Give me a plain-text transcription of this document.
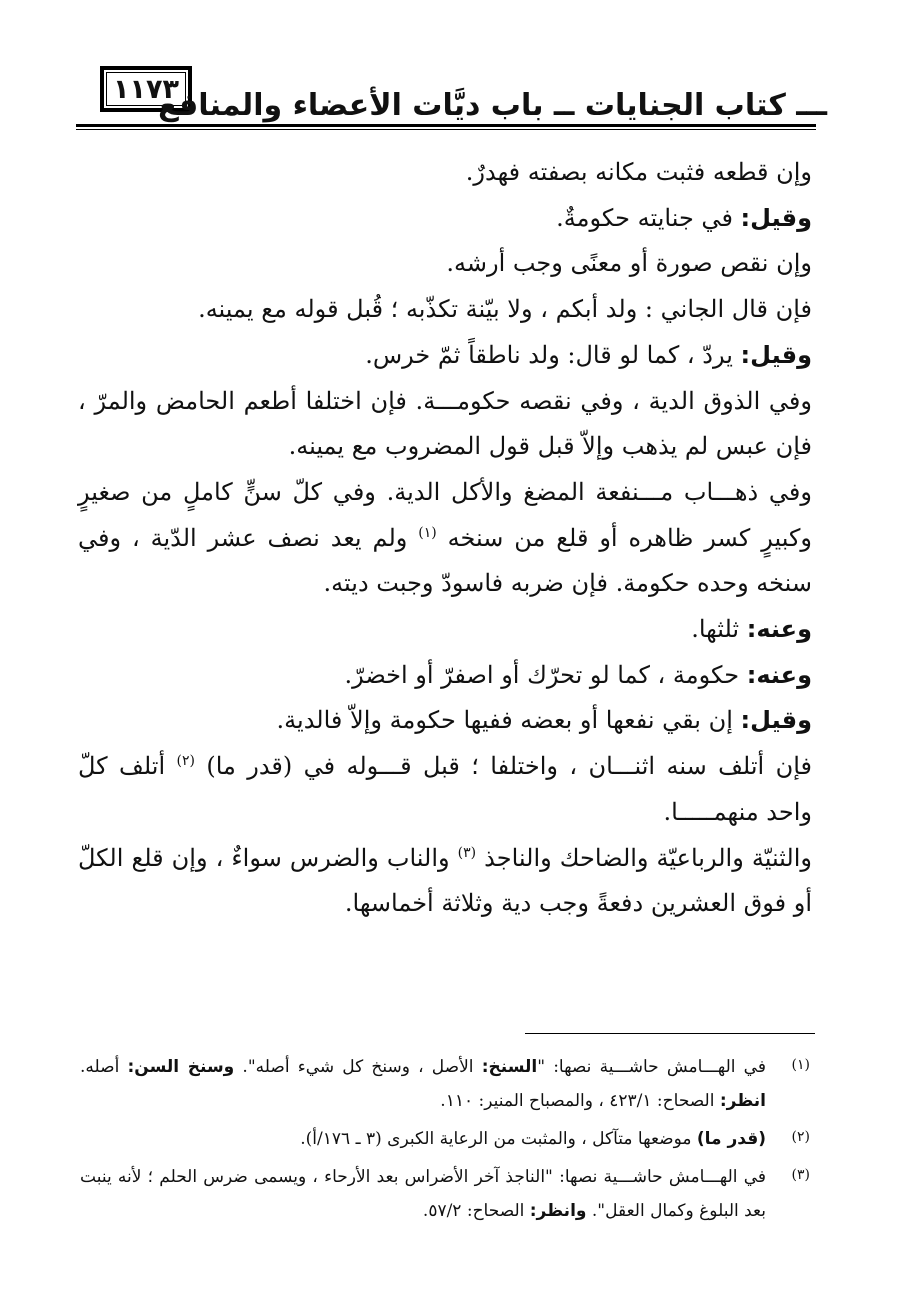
١١٧٣
ـــ كتاب الجنايات ــ باب ديَّات الأعضاء والمنافع

وإن قطعه فثبت مكانه بصفته فهدرٌ.

وقيل: في جنايته حكومةٌ.

وإن نقص صورة أو معنًى وجب أرشه.

فإن قال الجاني : ولد أبكم ، ولا بيّنة تكذّبه ؛ قُبل قوله مع يمينه.

وقيل: يردّ ، كما لو قال: ولد ناطقاً ثمّ خرس.

وفي الذوق الدية ، وفي نقصه حكومـــة. فإن اختلفا أطعم الحامض والمرّ ، فإن عبس لم يذهب وإلاّ قبل قول المضروب مع يمينه.

وفي ذهـــاب مـــنفعة المضغ والأكل الدية. وفي كلّ سنٍّ كاملٍ من صغيرٍ وكبيرٍ كسر ظاهره أو قلع من سنخه $^{(١)}$ ولم يعد نصف عشر الدّية ، وفي سنخه وحده حكومة. فإن ضربه فاسودّ وجبت ديته.

وعنه: ثلثها.

وعنه: حكومة ، كما لو تحرّك أو اصفرّ أو اخضرّ.

وقيل: إن بقي نفعها أو بعضه ففيها حكومة وإلاّ فالدية.

فإن أتلف سنه اثنـــان ، واختلفا ؛ قبل قـــوله في (قدر ما) $^{(٢)}$ أتلف كلّ واحد منهمـــــا.

والثنيّة والرباعيّة والضاحك والناجذ $^{(٣)}$ والناب والضرس سواءٌ ، وإن قلع الكلّ أو فوق العشرين دفعةً وجب دية وثلاثة أخماسها.

(١)
في الهـــامش حاشـــية نصها: "السنخ: الأصل ، وسنخ كل شيء أصله". وسنخ السن: أصله. انظر: الصحاح: ٤٢٣/١ ، والمصباح المنير: ١١٠.
(٢)
(قدر ما) موضعها متآكل ، والمثبت من الرعاية الكبرى (٣ ـ ١٧٦/أ).
(٣)
في الهـــامش حاشـــية نصها: "الناجذ آخر الأضراس بعد الأرحاء ، ويسمى ضرس الحلم ؛ لأنه ينبت بعد البلوغ وكمال العقل". وانظر: الصحاح: ٥٧/٢.
